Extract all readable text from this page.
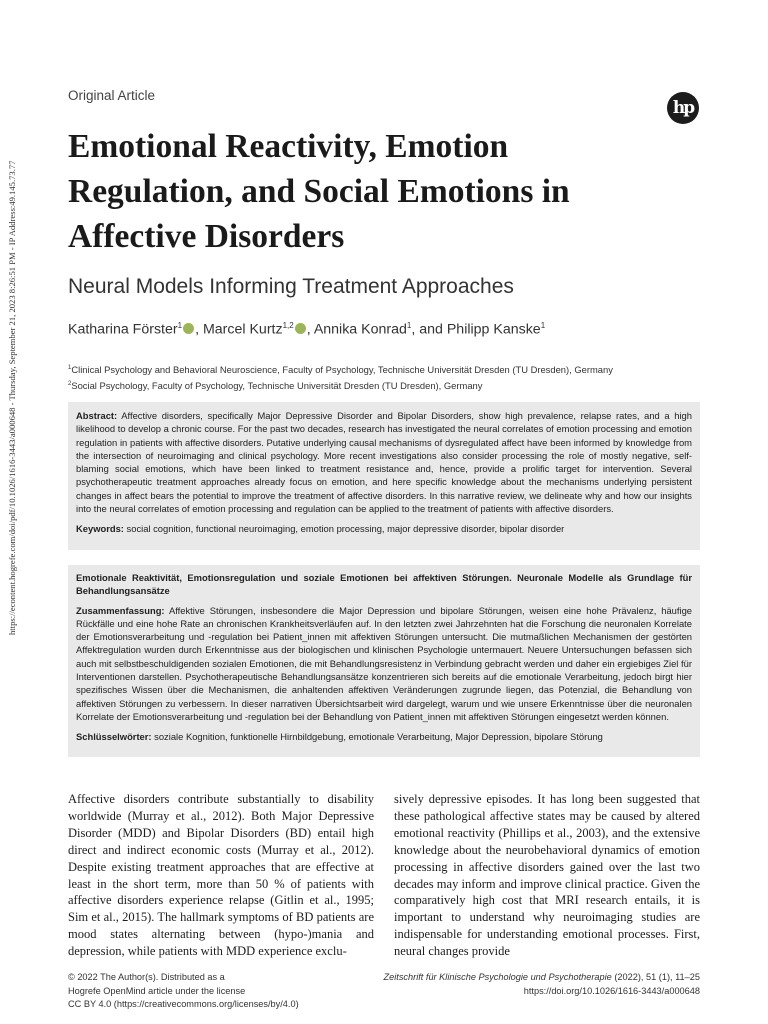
https://econtent.hogrefe.com/doi/pdf/10.1026/1616-3443/a000648 - Thursday, September 21, 2023 8:26:51 PM - IP Address:49.145.73.77
Original Article
hp
Emotional Reactivity, Emotion Regulation, and Social Emotions in Affective Disorders
Neural Models Informing Treatment Approaches
Katharina Förster$^1$ , Marcel Kurtz$^{1,2}$ , Annika Konrad$^1$, and Philipp Kanske$^1$
$^1$Clinical Psychology and Behavioral Neuroscience, Faculty of Psychology, Technische Universität Dresden (TU Dresden), Germany
$^2$Social Psychology, Faculty of Psychology, Technische Universität Dresden (TU Dresden), Germany

Abstract: Affective disorders, specifically Major Depressive Disorder and Bipolar Disorders, show high prevalence, relapse rates, and a high likelihood to develop a chronic course. For the past two decades, research has investigated the neural correlates of emotion processing and emotion regulation in patients with affective disorders. Putative underlying causal mechanisms of dysregulated affect have been informed by knowledge from the intersection of neuroimaging and clinical psychology. More recent investigations also consider processing the role of mostly negative, self-blaming social emotions, which have been linked to treatment resistance and, hence, provide a prolific target for intervention. Several psychotherapeutic treatment approaches already focus on emotion, and here specific knowledge about the mechanisms underlying persistent changes in affect bears the potential to improve the treatment of affective disorders. In this narrative review, we delineate why and how our insights into the neural correlates of emotion processing and regulation can be applied to the treatment of patients with affective disorders.

Keywords: social cognition, functional neuroimaging, emotion processing, major depressive disorder, bipolar disorder

Emotionale Reaktivität, Emotionsregulation und soziale Emotionen bei affektiven Störungen. Neuronale Modelle als Grundlage für Behandlungsansätze

Zusammenfassung: Affektive Störungen, insbesondere die Major Depression und bipolare Störungen, weisen eine hohe Prävalenz, häufige Rückfälle und eine hohe Rate an chronischen Krankheitsverläufen auf. In den letzten zwei Jahrzehnten hat die Forschung die neuronalen Korrelate der Emotionsverarbeitung und -regulation bei Patient_innen mit affektiven Störungen untersucht. Die mutmaßlichen Mechanismen der gestörten Affektregulation wurden durch Erkenntnisse aus der biologischen und klinischen Psychologie untermauert. Neuere Untersuchungen befassen sich auch mit selbstbeschuldigenden sozialen Emotionen, die mit Behandlungsresistenz in Verbindung gebracht werden und daher ein ergiebiges Ziel für Interventionen darstellen. Psychotherapeutische Behandlungsansätze konzentrieren sich bereits auf die emotionale Verarbeitung, jedoch birgt hier spezifisches Wissen über die Mechanismen, die anhaltenden affektiven Veränderungen zugrunde liegen, das Potenzial, die Behandlung von affektiven Störungen zu verbessern. In dieser narrativen Übersichtsarbeit wird dargelegt, warum und wie unsere Erkenntnisse über die neuronalen Korrelate der Emotionsverarbeitung und -regulation bei der Behandlung von Patient_innen mit affektiven Störungen eingesetzt werden können.

Schlüsselwörter: soziale Kognition, funktionelle Hirnbildgebung, emotionale Verarbeitung, Major Depression, bipolare Störung

Affective disorders contribute substantially to disability worldwide (Murray et al., 2012). Both Major Depressive Disorder (MDD) and Bipolar Disorders (BD) entail high direct and indirect economic costs (Murray et al., 2012). Despite existing treatment approaches that are effective at least in the short term, more than 50 % of patients with affective disorders experience relapse (Gitlin et al., 1995; Sim et al., 2015). The hallmark symptoms of BD patients are mood states alternating between (hypo-)mania and depression, while patients with MDD experience exclu-
sively depressive episodes. It has long been suggested that these pathological affective states may be caused by altered emotional reactivity (Phillips et al., 2003), and the extensive knowledge about the neurobehavioral dynamics of emotion processing in affective disorders gained over the last two decades may inform and improve clinical practice. Given the comparatively high cost that MRI research entails, it is important to understand why neuroimaging studies are indispensable for understanding emotional processes. First, neural changes provide
© 2022 The Author(s). Distributed as a
Hogrefe OpenMind article under the license
CC BY 4.0 (https://creativecommons.org/licenses/by/4.0)
Zeitschrift für Klinische Psychologie und Psychotherapie (2022), 51 (1), 11–25
https://doi.org/10.1026/1616-3443/a000648
